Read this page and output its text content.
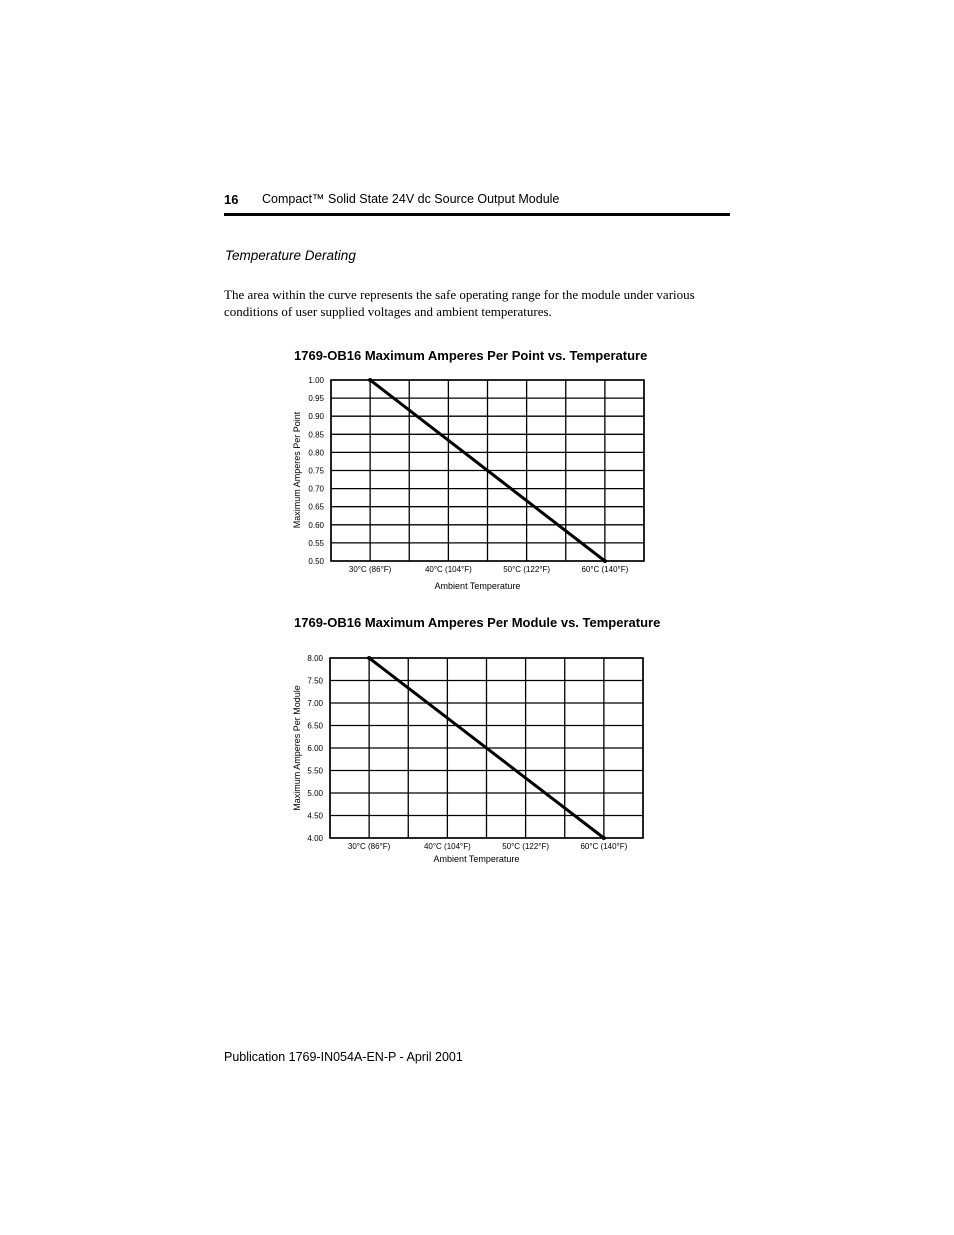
16 Compact™ Solid State 24V dc Source Output Module
Temperature Derating
The area within the curve represents the safe operating range for the module under various conditions of user supplied voltages and ambient temperatures.
1769-OB16 Maximum Amperes Per Point vs. Temperature
1.00
0.95
0.90
0.85
0.80
0.75
0.70
0.65
0.60
0.55
0.50
30°C (86°F)	40°C (104°F)	50°C (122°F)	60°C (140°F)
Ambient Temperature
Maximum Amperes Per Point
1769-OB16 Maximum Amperes Per Module vs. Temperature
8.00
7.50
7.00
6.50
6.00
5.50
5.00
4.50
4.00
30°C (86°F)	40°C (104°F)	50°C (122°F)	60°C (140°F)
Ambient Temperature
Maximum Amperes Per Module
Publication 1769-IN054A-EN-P - April 2001
